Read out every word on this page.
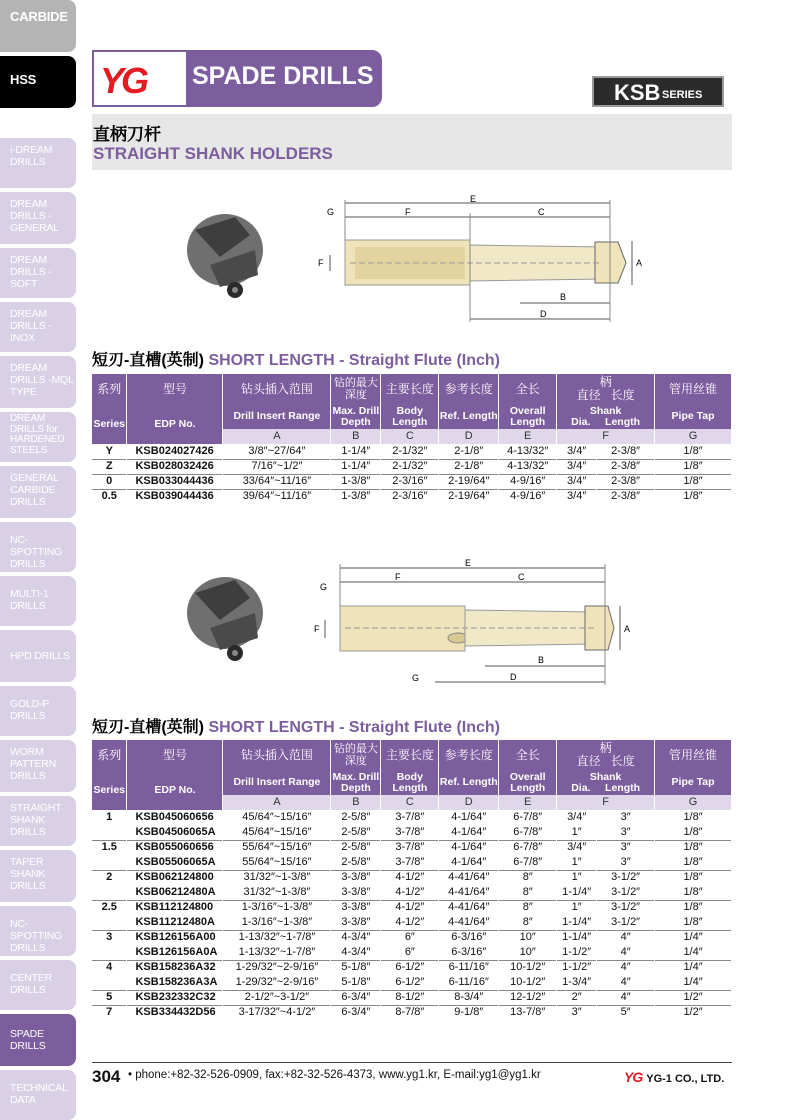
CARBIDE
HSS
i-DREAM DRILLS
DREAM DRILLS -GENERAL
DREAM DRILLS -SOFT
DREAM DRILLS -INOX
DREAM DRILLS -MQL TYPE
DREAM DRILLS for HARDENED STEELS
GENERAL CARBIDE DRILLS
NC-SPOTTING DRILLS
MULTI-1 DRILLS
HPD DRILLS
GOLD-P DRILLS
WORM PATTERN DRILLS
STRAIGHT SHANK DRILLS
TAPER SHANK DRILLS
NC-SPOTTING DRILLS
CENTER DRILLS
SPADE DRILLS
TECHNICAL DATA
YG SPADE DRILLS
KSB SERIES
直柄刀杆
STRAIGHT SHANK HOLDERS
E
F	C
G
F	A
B
D
短刃-直槽(英制) SHORT LENGTH - Straight Flute (Inch)
系列	型号	钻头插入范围	钻的最大深度	主要长度	参考长度	全长	柄
直径 长度		管用丝锥
Series	EDP No.	Drill Insert Range	Max. Drill Depth	Body Length	Ref. Length	Overall Length	Shank
Dia. Length		Pipe Tap
		A	B	C	D	E	F		G
Y	KSB024027426	3/8″~27/64″	1-1/4″	2-1/32″	2-1/8″	4-13/32″	3/4″	2-3/8″	1/8″
Z	KSB028032426	7/16″~1/2″	1-1/4″	2-1/32″	2-1/8″	4-13/32″	3/4″	2-3/8″	1/8″
0	KSB033044436	33/64″~11/16″	1-3/8″	2-3/16″	2-19/64″	4-9/16″	3/4″	2-3/8″	1/8″
0.5	KSB039044436	39/64″~11/16″	1-3/8″	2-3/16″	2-19/64″	4-9/16″	3/4″	2-3/8″	1/8″
E
F	C
G
F	A
B
G	D
短刃-直槽(英制) SHORT LENGTH - Straight Flute (Inch)
系列	型号	钻头插入范围	钻的最大深度	主要长度	参考长度	全长	柄
直径 长度		管用丝锥
Series	EDP No.	Drill Insert Range	Max. Drill Depth	Body Length	Ref. Length	Overall Length	Shank
Dia. Length		Pipe Tap
		A	B	C	D	E	F		G
1	KSB045060656	45/64″~15/16″	2-5/8″	3-7/8″	4-1/64″	6-7/8″	3/4″	3″	1/8″
	KSB04506065A	45/64″~15/16″	2-5/8″	3-7/8″	4-1/64″	6-7/8″	1″	3″	1/8″
1.5	KSB055060656	55/64″~15/16″	2-5/8″	3-7/8″	4-1/64″	6-7/8″	3/4″	3″	1/8″
	KSB05506065A	55/64″~15/16″	2-5/8″	3-7/8″	4-1/64″	6-7/8″	1″	3″	1/8″
2	KSB062124800	31/32″~1-3/8″	3-3/8″	4-1/2″	4-41/64″	8″	1″	3-1/2″	1/8″
	KSB06212480A	31/32″~1-3/8″	3-3/8″	4-1/2″	4-41/64″	8″	1-1/4″	3-1/2″	1/8″
2.5	KSB112124800	1-3/16″~1-3/8″	3-3/8″	4-1/2″	4-41/64″	8″	1″	3-1/2″	1/8″
	KSB11212480A	1-3/16″~1-3/8″	3-3/8″	4-1/2″	4-41/64″	8″	1-1/4″	3-1/2″	1/8″
3	KSB126156A00	1-13/32″~1-7/8″	4-3/4″	6″	6-3/16″	10″	1-1/4″	4″	1/4″
	KSB126156A0A	1-13/32″~1-7/8″	4-3/4″	6″	6-3/16″	10″	1-1/2″	4″	1/4″
4	KSB158236A32	1-29/32″~2-9/16″	5-1/8″	6-1/2″	6-11/16″	10-1/2″	1-1/2″	4″	1/4″
	KSB158236A3A	1-29/32″~2-9/16″	5-1/8″	6-1/2″	6-11/16″	10-1/2″	1-3/4″	4″	1/4″
5	KSB232332C32	2-1/2″~3-1/2″	6-3/4″	8-1/2″	8-3/4″	12-1/2″	2″	4″	1/2″
7	KSB334432D56	3-17/32″~4-1/2″	6-3/4″	8-7/8″	9-1/8″	13-7/8″	3″	5″	1/2″
304 • phone:+82-32-526-0909, fax:+82-32-526-4373, www.yg1.kr, E-mail:yg1@yg1.kr	YG YG-1 CO., LTD.
